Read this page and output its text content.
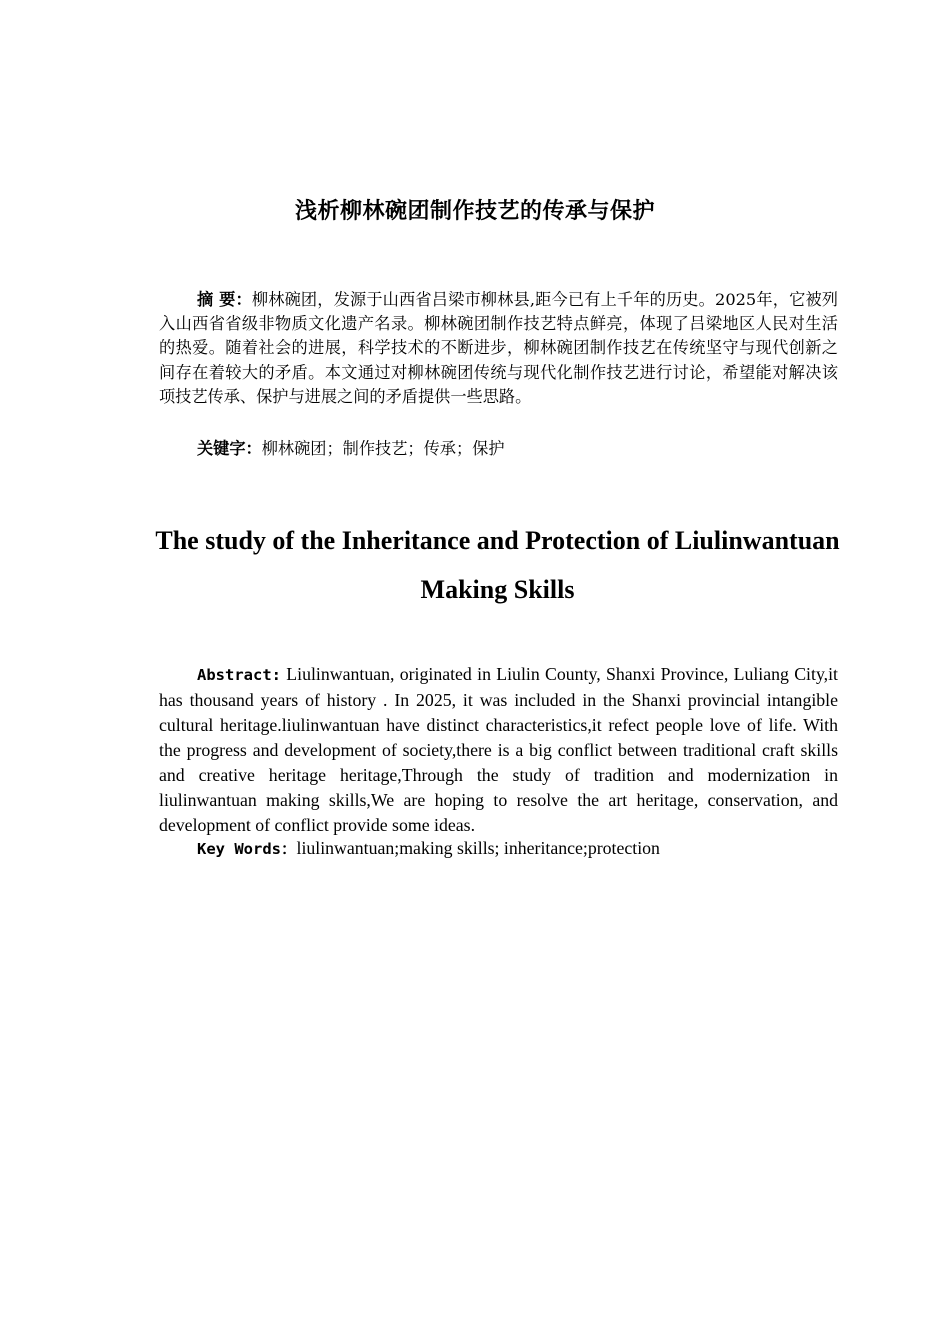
浅析柳林碗团制作技艺的传承与保护

摘 要：柳林碗团，发源于山西省吕梁市柳林县,距今已有上千年的历史。2025年，它被列入山西省省级非物质文化遗产名录。柳林碗团制作技艺特点鲜亮，体现了吕梁地区人民对生活的热爱。随着社会的进展，科学技术的不断进步，柳林碗团制作技艺在传统坚守与现代创新之间存在着较大的矛盾。本文通过对柳林碗团传统与现代化制作技艺进行讨论，希望能对解决该项技艺传承、保护与进展之间的矛盾提供一些思路。

关键字：柳林碗团；制作技艺；传承；保护

The study of the Inheritance and Protection of Liulinwantuan Making Skills

Abstract: Liulinwantuan, originated in Liulin County, Shanxi Province, Luliang City,it has thousand years of history . In 2025, it was included in the Shanxi provincial intangible cultural heritage.liulinwantuan have distinct characteristics,it refect people love of life. With the progress and development of society,there is a big conflict between traditional craft skills and creative heritage heritage,Through the study of tradition and modernization in liulinwantuan making skills,We are hoping to resolve the art heritage, conservation, and development of conflict provide some ideas.

Key Words：liulinwantuan;making skills; inheritance;protection
